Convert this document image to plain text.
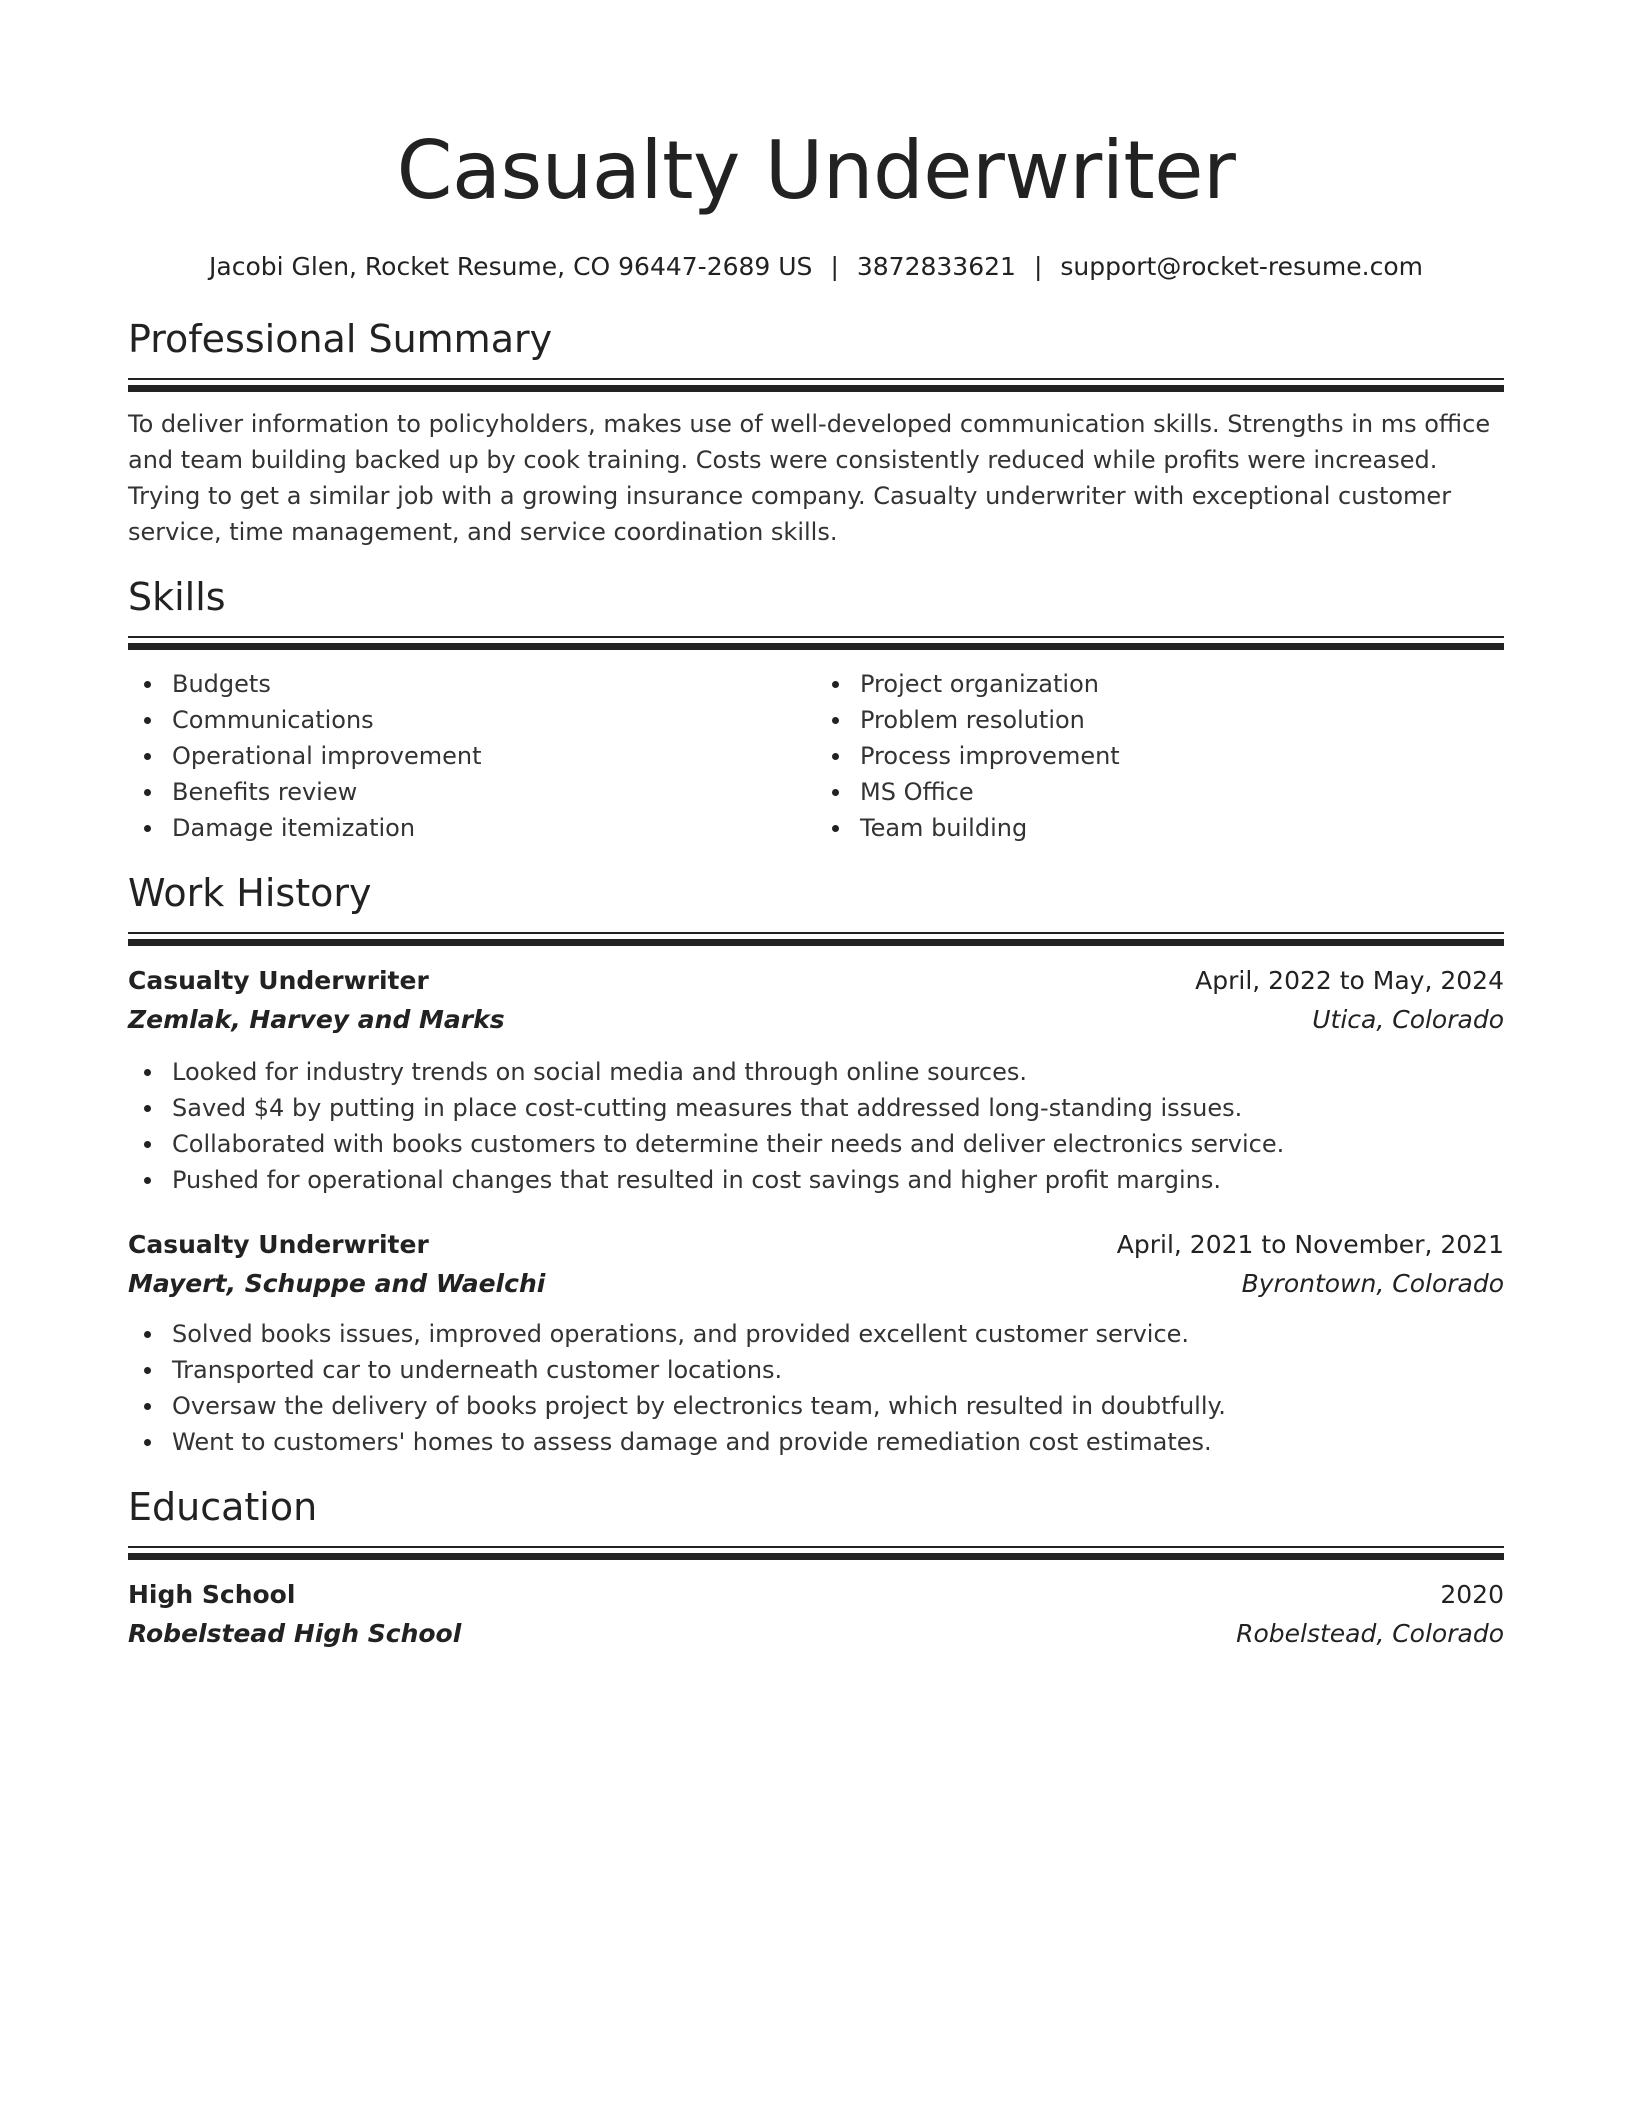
Casualty Underwriter
Jacobi Glen, Rocket Resume, CO 96447-2689 US | 3872833621 | support@rocket-resume.com
Professional Summary

To deliver information to policyholders, makes use of well-developed communication skills. Strengths in ms office and team building backed up by cook training. Costs were consistently reduced while profits were increased. Trying to get a similar job with a growing insurance company. Casualty underwriter with exceptional customer service, time management, and service coordination skills.

Skills
Budgets
Communications
Operational improvement
Benefits review
Damage itemization
Project organization
Problem resolution
Process improvement
MS Office
Team building
Work History
Casualty Underwriter	April, 2022 to May, 2024
Zemlak, Harvey and Marks	Utica, Colorado
Looked for industry trends on social media and through online sources.
Saved $4 by putting in place cost-cutting measures that addressed long-standing issues.
Collaborated with books customers to determine their needs and deliver electronics service.
Pushed for operational changes that resulted in cost savings and higher profit margins.
Casualty Underwriter	April, 2021 to November, 2021
Mayert, Schuppe and Waelchi	Byrontown, Colorado
Solved books issues, improved operations, and provided excellent customer service.
Transported car to underneath customer locations.
Oversaw the delivery of books project by electronics team, which resulted in doubtfully.
Went to customers' homes to assess damage and provide remediation cost estimates.
Education
High School	2020
Robelstead High School	Robelstead, Colorado
